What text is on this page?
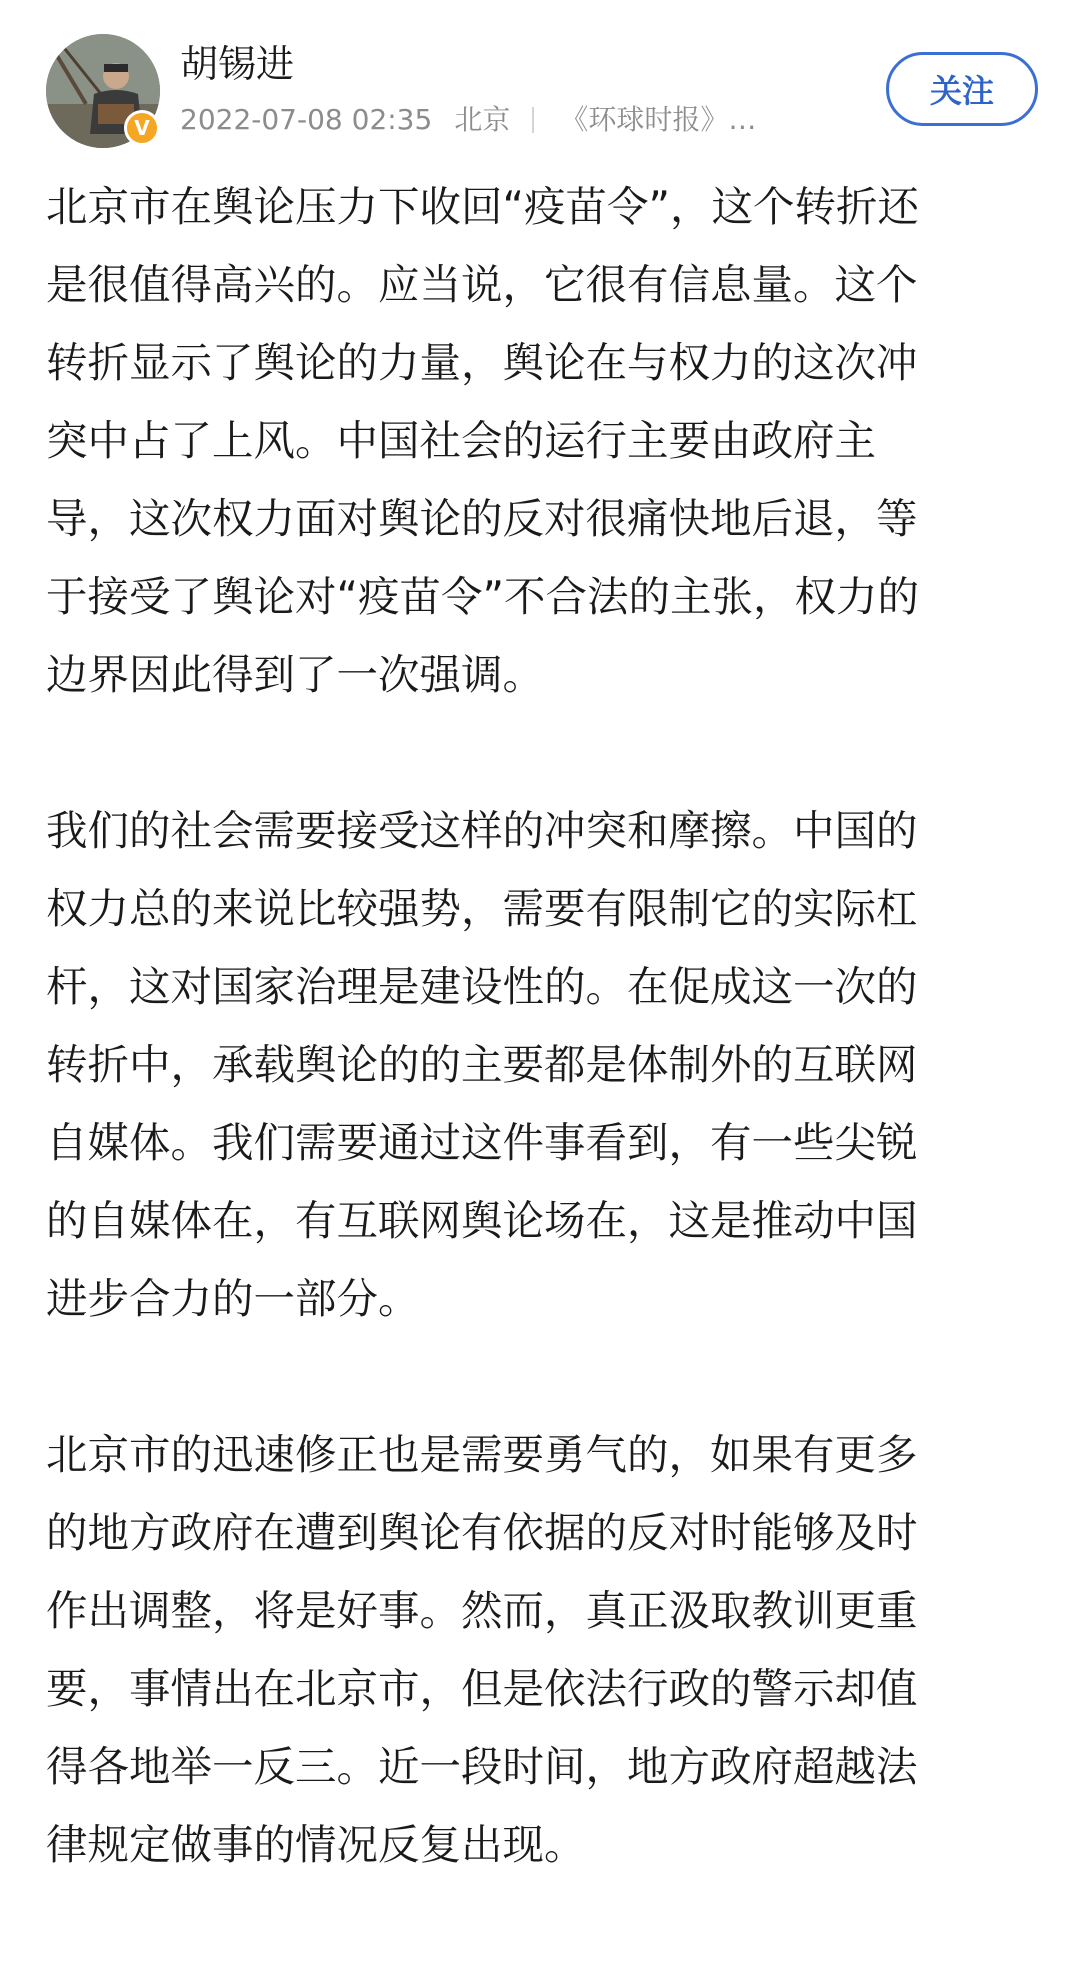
V
胡锡进
2022-07-08 02:35 北京 《环球时报》…
关注

北京市在舆论压力下收回“疫苗令”，这个转折还
是很值得高兴的。应当说，它很有信息量。这个
转折显示了舆论的力量，舆论在与权力的这次冲
突中占了上风。中国社会的运行主要由政府主
导，这次权力面对舆论的反对很痛快地后退，等
于接受了舆论对“疫苗令”不合法的主张，权力的
边界因此得到了一次强调。

我们的社会需要接受这样的冲突和摩擦。中国的
权力总的来说比较强势，需要有限制它的实际杠
杆，这对国家治理是建设性的。在促成这一次的
转折中，承载舆论的的主要都是体制外的互联网
自媒体。我们需要通过这件事看到，有一些尖锐
的自媒体在，有互联网舆论场在，这是推动中国
进步合力的一部分。

北京市的迅速修正也是需要勇气的，如果有更多
的地方政府在遭到舆论有依据的反对时能够及时
作出调整，将是好事。然而，真正汲取教训更重
要，事情出在北京市，但是依法行政的警示却值
得各地举一反三。近一段时间，地方政府超越法
律规定做事的情况反复出现。
